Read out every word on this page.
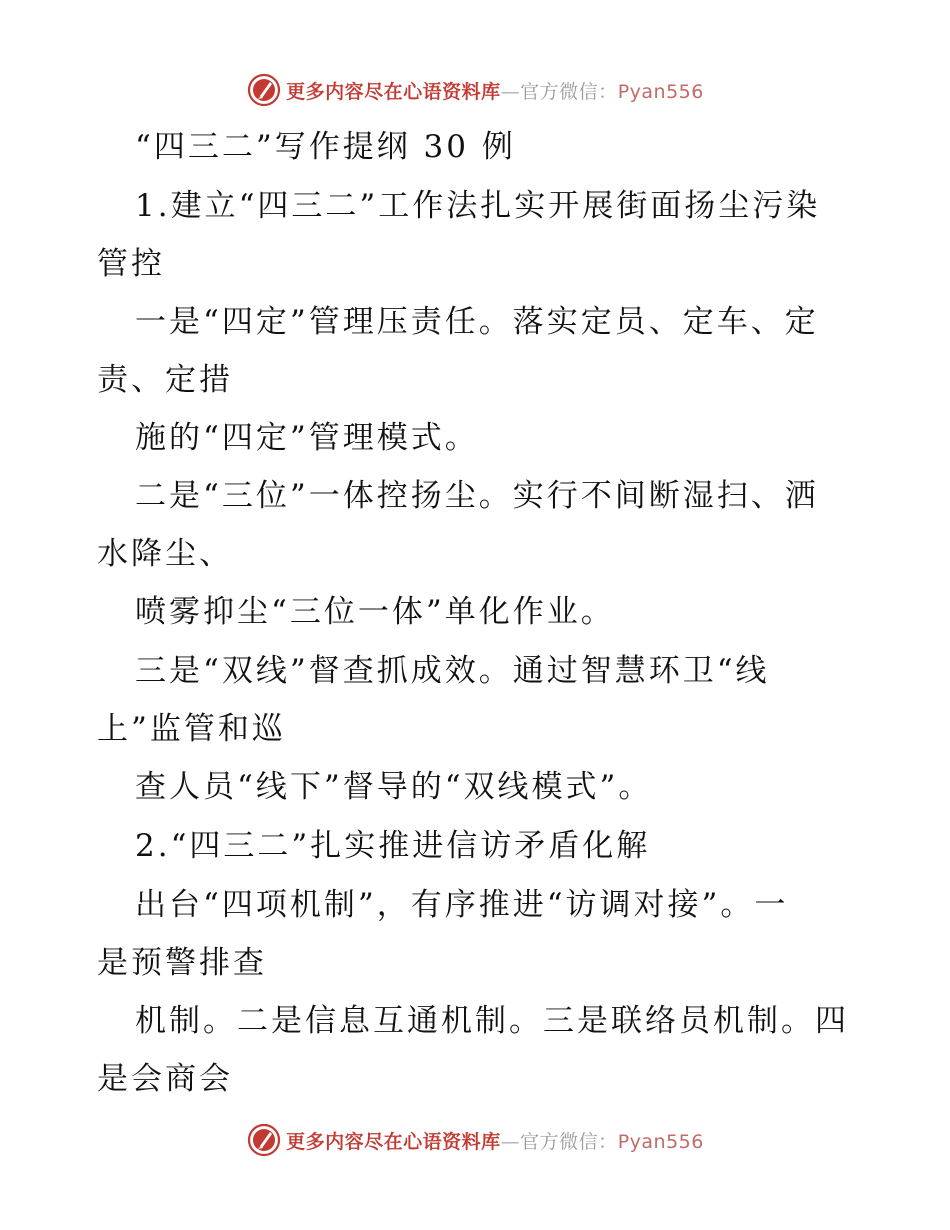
更多内容尽在心语资料库—官方微信：Pyan556
“四三二”写作提纲 30 例
1.建立“四三二”工作法扎实开展街面扬尘污染
管控
一是“四定”管理压责任。落实定员、定车、定
责、定措
施的“四定”管理模式。
二是“三位”一体控扬尘。实行不间断湿扫、洒
水降尘、
喷雾抑尘“三位一体”单化作业。
三是“双线”督查抓成效。通过智慧环卫“线
上”监管和巡
查人员“线下”督导的“双线模式”。
2.“四三二”扎实推进信访矛盾化解
出台“四项机制”，有序推进“访调对接”。一
是预警排查
机制。二是信息互通机制。三是联络员机制。四
是会商会
更多内容尽在心语资料库—官方微信：Pyan556
